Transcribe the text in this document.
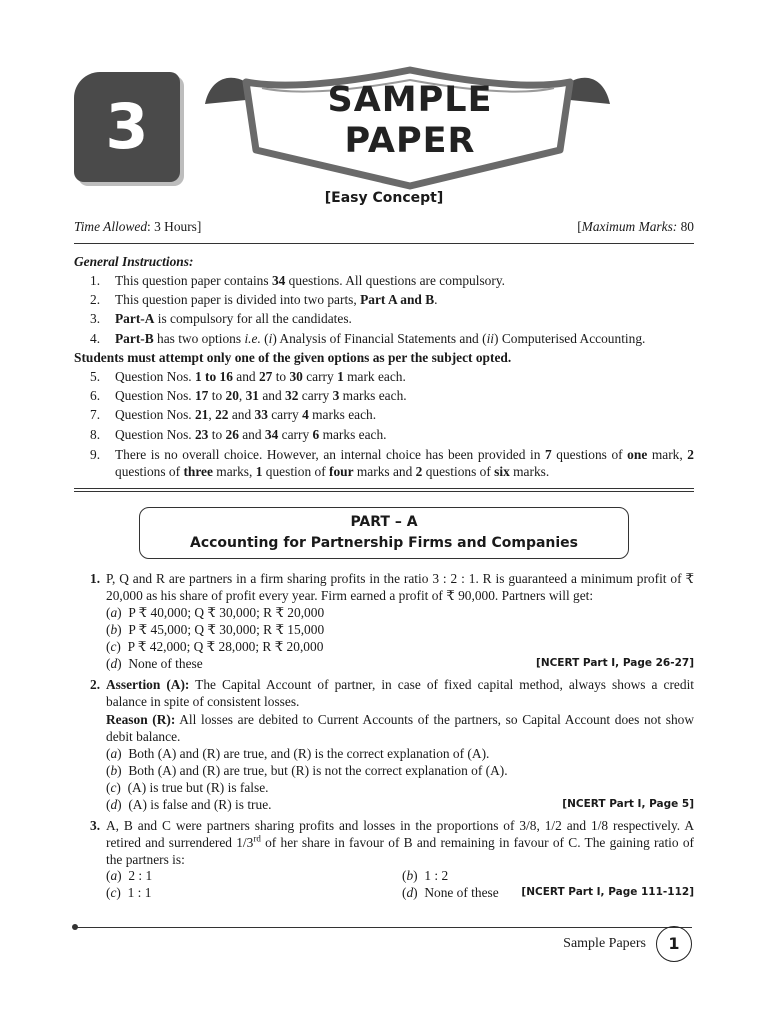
3	SAMPLE
PAPER
[Easy Concept]
Time Allowed: 3 Hours]	[Maximum Marks: 80
General Instructions:
1. This question paper contains 34 questions. All questions are compulsory.
2. This question paper is divided into two parts, Part A and B.
3. Part-A is compulsory for all the candidates.
4. Part-B has two options i.e. (i) Analysis of Financial Statements and (ii) Computerised Accounting.
Students must attempt only one of the given options as per the subject opted.
5. Question Nos. 1 to 16 and 27 to 30 carry 1 mark each.
6. Question Nos. 17 to 20, 31 and 32 carry 3 marks each.
7. Question Nos. 21, 22 and 33 carry 4 marks each.
8. Question Nos. 23 to 26 and 34 carry 6 marks each.
9. There is no overall choice. However, an internal choice has been provided in 7 questions of one mark, 2 questions of three marks, 1 question of four marks and 2 questions of six marks.
PART – A
Accounting for Partnership Firms and Companies
1. P, Q and R are partners in a firm sharing profits in the ratio 3 : 2 : 1. R is guaranteed a minimum profit of ₹ 20,000 as his share of profit every year. Firm earned a profit of ₹ 90,000. Partners will get:
(a)  P ₹ 40,000; Q ₹ 30,000; R ₹ 20,000
(b)  P ₹ 45,000; Q ₹ 30,000; R ₹ 15,000
(c)  P ₹ 42,000; Q ₹ 28,000; R ₹ 20,000
(d)  None of these	[NCERT Part I, Page 26-27]
2. Assertion (A): The Capital Account of partner, in case of fixed capital method, always shows a credit balance in spite of consistent losses.
Reason (R): All losses are debited to Current Accounts of the partners, so Capital Account does not show debit balance.
(a)  Both (A) and (R) are true, and (R) is the correct explanation of (A).
(b)  Both (A) and (R) are true, but (R) is not the correct explanation of (A).
(c)  (A) is true but (R) is false.
(d)  (A) is false and (R) is true.	[NCERT Part I, Page 5]
3. A, B and C were partners sharing profits and losses in the proportions of 3/8, 1/2 and 1/8 respectively. A retired and surrendered 1/3rd of her share in favour of B and remaining in favour of C. The gaining ratio of the partners is:
(a)  2 : 1	(b)  1 : 2
(c)  1 : 1	(d)  None of these [NCERT Part I, Page 111-112]
Sample Papers	1
